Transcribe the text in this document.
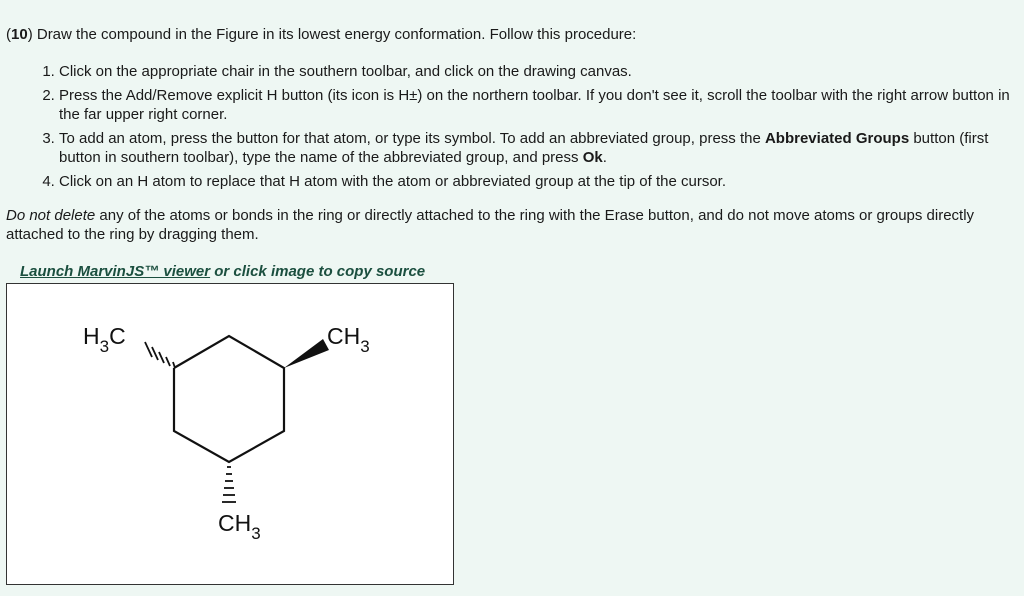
(10) Draw the compound in the Figure in its lowest energy conformation. Follow this procedure:
1. Click on the appropriate chair in the southern toolbar, and click on the drawing canvas.
2. Press the Add/Remove explicit H button (its icon is H±) on the northern toolbar. If you don't see it, scroll the toolbar with the right arrow button in the far upper right corner.
3. To add an atom, press the button for that atom, or type its symbol. To add an abbreviated group, press the Abbreviated Groups button (first button in southern toolbar), type the name of the abbreviated group, and press Ok.
4. Click on an H atom to replace that H atom with the atom or abbreviated group at the tip of the cursor.
Do not delete any of the atoms or bonds in the ring or directly attached to the ring with the Erase button, and do not move atoms or groups directly attached to the ring by dragging them.
Launch MarvinJS™ viewer or click image to copy source
$H_3C$	$CH_3$
$CH_3$
